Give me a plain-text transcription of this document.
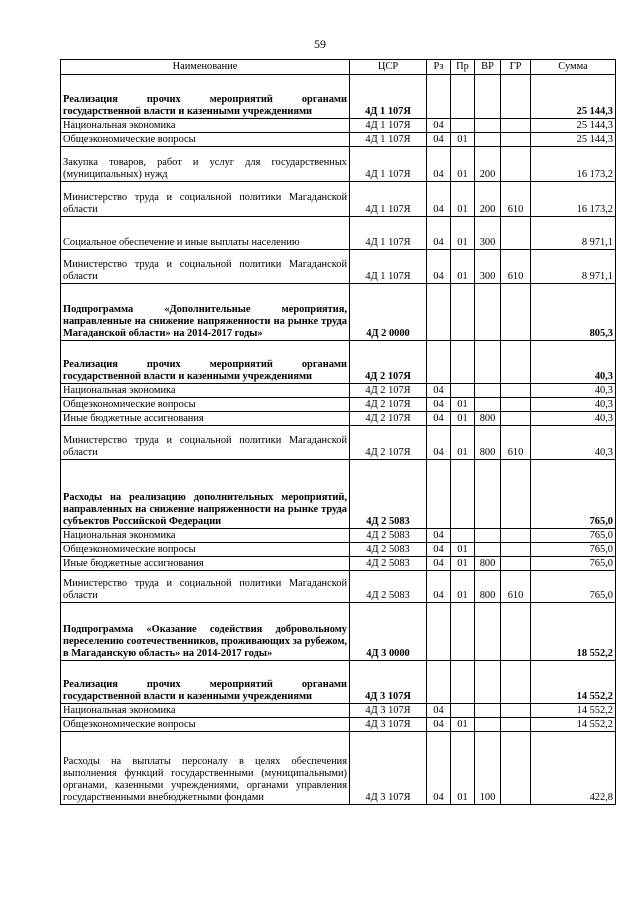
59
Наименование	ЦСР	Рз	Пр	ВР	ГР	Сумма
Реализация прочих мероприятий органами государственной власти и казенными учреждениями	4Д 1 107Я					25 144,3
Национальная экономика	4Д 1 107Я	04				25 144,3
Общеэкономические вопросы	4Д 1 107Я	04	01			25 144,3
Закупка товаров, работ и услуг для государственных (муниципальных) нужд	4Д 1 107Я	04	01	200		16 173,2
Министерство труда и социальной политики Магаданской области	4Д 1 107Я	04	01	200	610	16 173,2
Социальное обеспечение и иные выплаты населению	4Д 1 107Я	04	01	300		8 971,1
Министерство труда и социальной политики Магаданской области	4Д 1 107Я	04	01	300	610	8 971,1
Подпрограмма «Дополнительные мероприятия, направленные на снижение напряженности на рынке труда Магаданской области» на 2014-2017 годы»	4Д 2 0000					805,3
Реализация прочих мероприятий органами государственной власти и казенными учреждениями	4Д 2 107Я					40,3
Национальная экономика	4Д 2 107Я	04				40,3
Общеэкономические вопросы	4Д 2 107Я	04	01			40,3
Иные бюджетные ассигнования	4Д 2 107Я	04	01	800		40,3
Министерство труда и социальной политики Магаданской области	4Д 2 107Я	04	01	800	610	40,3
Расходы на реализацию дополнительных мероприятий, направленных на снижение напряженности на рынке труда субъектов Российской Федерации	4Д 2 5083					765,0
Национальная экономика	4Д 2 5083	04				765,0
Общеэкономические вопросы	4Д 2 5083	04	01			765,0
Иные бюджетные ассигнования	4Д 2 5083	04	01	800		765,0
Министерство труда и социальной политики Магаданской области	4Д 2 5083	04	01	800	610	765,0
Подпрограмма «Оказание содействия добровольному переселению соотечественников, проживающих за рубежом, в Магаданскую область» на 2014-2017 годы»	4Д 3 0000					18 552,2
Реализация прочих мероприятий органами государственной власти и казенными учреждениями	4Д 3 107Я					14 552,2
Национальная экономика	4Д 3 107Я	04				14 552,2
Общеэкономические вопросы	4Д 3 107Я	04	01			14 552,2
Расходы на выплаты персоналу в целях обеспечения выполнения функций государственными (муниципальными) органами, казенными учреждениями, органами управления государственными внебюджетными фондами	4Д 3 107Я	04	01	100		422,8
